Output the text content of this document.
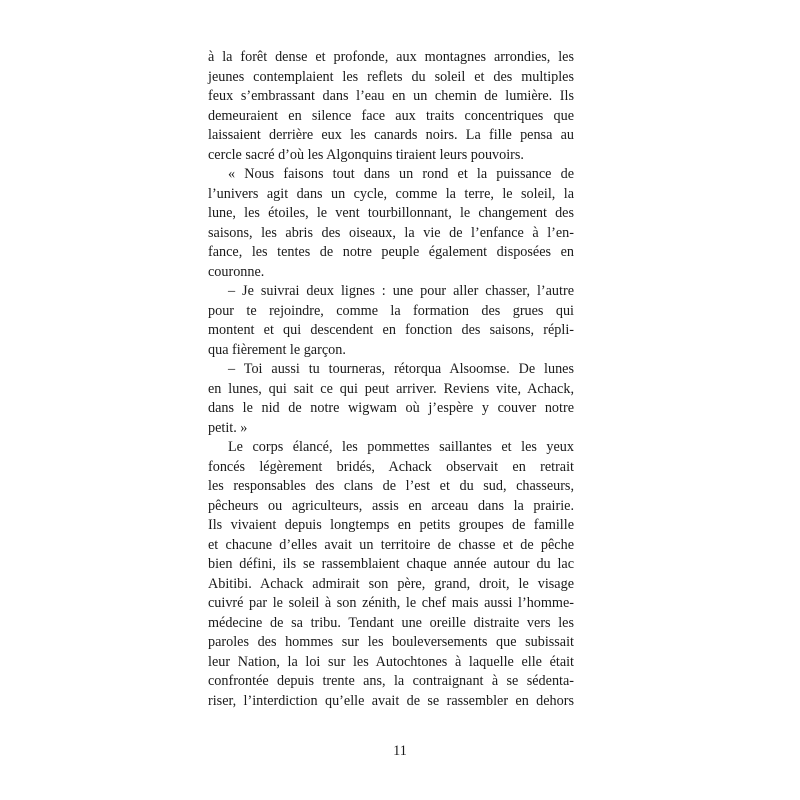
à la forêt dense et profonde, aux montagnes arrondies, les
jeunes contemplaient les reflets du soleil et des multiples
feux s’embrassant dans l’eau en un chemin de lumière. Ils
demeuraient en silence face aux traits concentriques que
laissaient derrière eux les canards noirs. La fille pensa au
cercle sacré d’où les Algonquins tiraient leurs pouvoirs.
« Nous faisons tout dans un rond et la puissance de
l’univers agit dans un cycle, comme la terre, le soleil, la
lune, les étoiles, le vent tourbillonnant, le changement des
saisons, les abris des oiseaux, la vie de l’enfance à l’en-
fance, les tentes de notre peuple également disposées en
couronne.
– Je suivrai deux lignes : une pour aller chasser, l’autre
pour te rejoindre, comme la formation des grues qui
montent et qui descendent en fonction des saisons, répli-
qua fièrement le garçon.
– Toi aussi tu tourneras, rétorqua Alsoomse. De lunes
en lunes, qui sait ce qui peut arriver. Reviens vite, Achack,
dans le nid de notre wigwam où j’espère y couver notre
petit. »
Le corps élancé, les pommettes saillantes et les yeux
foncés légèrement bridés, Achack observait en retrait
les responsables des clans de l’est et du sud, chasseurs,
pêcheurs ou agriculteurs, assis en arceau dans la prairie.
Ils vivaient depuis longtemps en petits groupes de famille
et chacune d’elles avait un territoire de chasse et de pêche
bien défini, ils se rassemblaient chaque année autour du lac
Abitibi. Achack admirait son père, grand, droit, le visage
cuivré par le soleil à son zénith, le chef mais aussi l’homme-
médecine de sa tribu. Tendant une oreille distraite vers les
paroles des hommes sur les bouleversements que subissait
leur Nation, la loi sur les Autochtones à laquelle elle était
confrontée depuis trente ans, la contraignant à se sédenta-
riser, l’interdiction qu’elle avait de se rassembler en dehors
11
